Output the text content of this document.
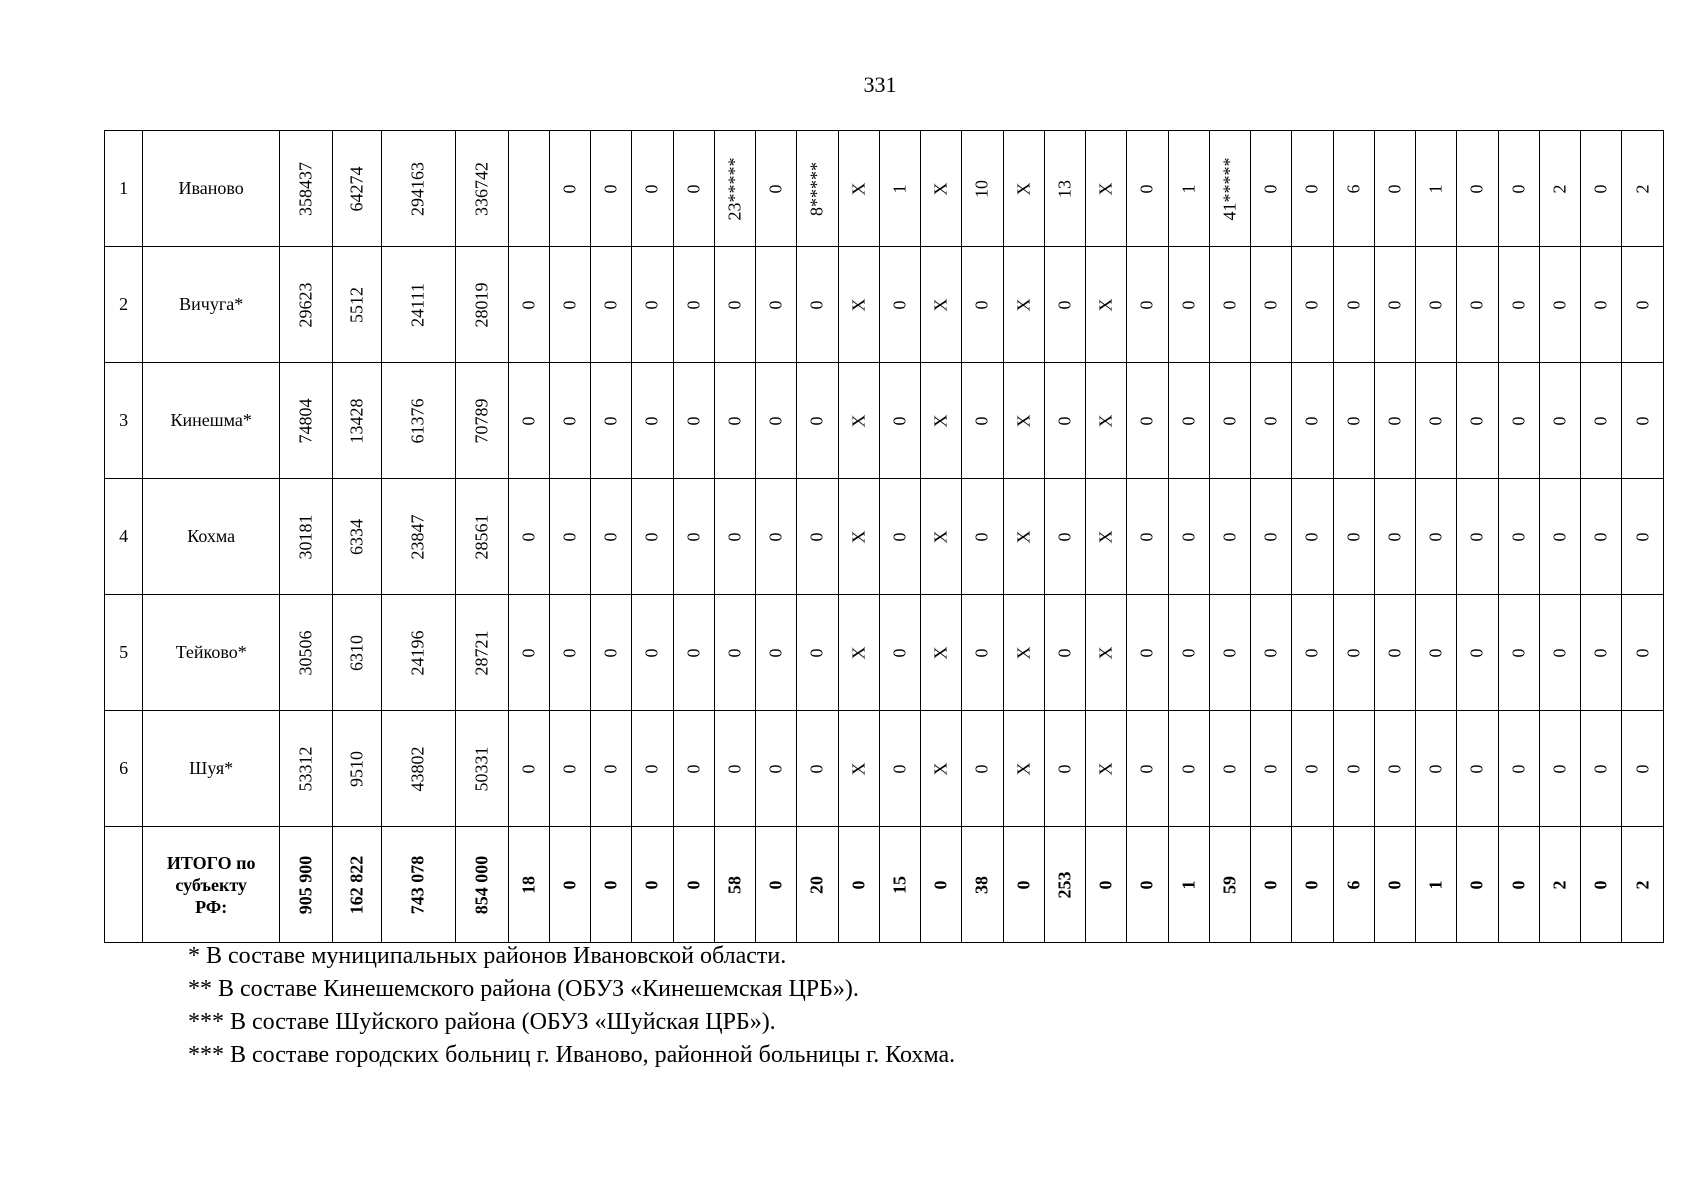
331
1	Иваново	358437	64274	294163	336742		0	0	0	0	23*****	0	8*****	X	1	X	10	X	13	X	0	1	41*****	0	0	6	0	1	0	0	2	0	2

2	Вичуга*	29623	5512	24111	28019	0	0	0	0	0	0	0	0	X	0	X	0	X	0	X	0	0	0	0	0	0	0	0	0	0	0	0	0

3	Кинешма*	74804	13428	61376	70789	0	0	0	0	0	0	0	0	X	0	X	0	X	0	X	0	0	0	0	0	0	0	0	0	0	0	0	0

4	Кохма	30181	6334	23847	28561	0	0	0	0	0	0	0	0	X	0	X	0	X	0	X	0	0	0	0	0	0	0	0	0	0	0	0	0

5	Тейково*	30506	6310	24196	28721	0	0	0	0	0	0	0	0	X	0	X	0	X	0	X	0	0	0	0	0	0	0	0	0	0	0	0	0

6	Шуя*	53312	9510	43802	50331	0	0	0	0	0	0	0	0	X	0	X	0	X	0	X	0	0	0	0	0	0	0	0	0	0	0	0	0

	ИТОГО по
субъекту
РФ:	905 900	162 822	743 078	854 000	18	0	0	0	0	58	0	20	0	15	0	38	0	253	0	0	1	59	0	0	6	0	1	0	0	2	0	2
* В составе муниципальных районов Ивановской области.
** В составе Кинешемского района (ОБУЗ «Кинешемская ЦРБ»).
*** В составе Шуйского района (ОБУЗ «Шуйская ЦРБ»).
*** В составе городских больниц г. Иваново, районной больницы г. Кохма.
